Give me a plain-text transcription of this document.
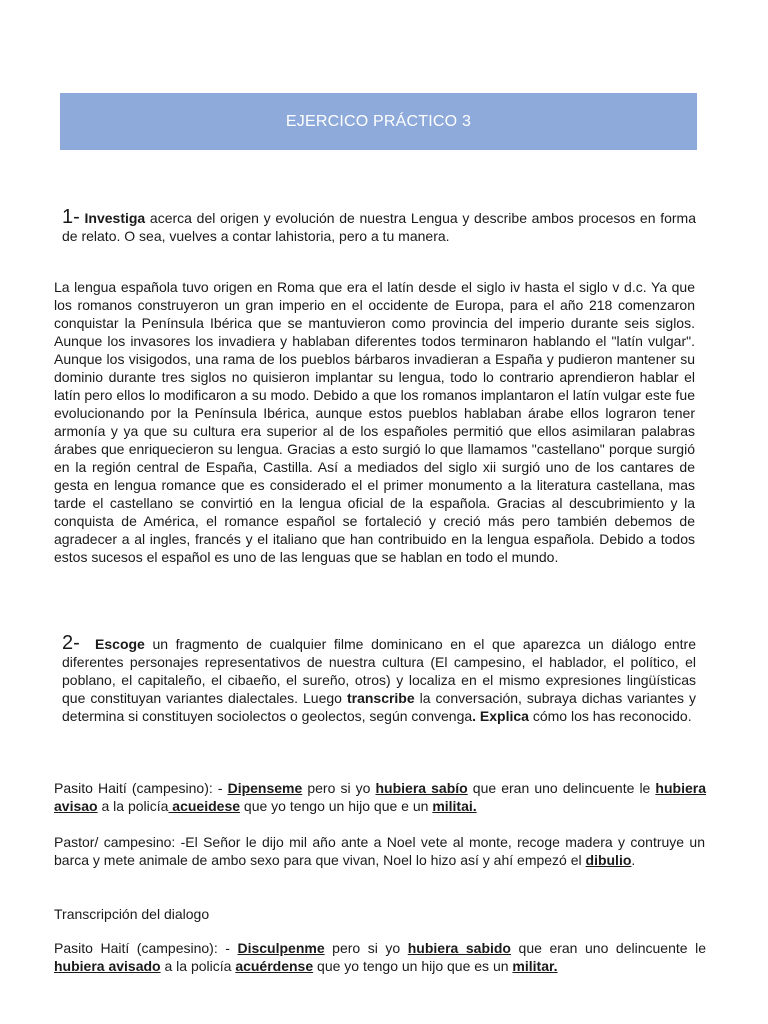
EJERCICO PRÁCTICO 3

1- Investiga acerca del origen y evolución de nuestra Lengua y describe ambos procesos en forma de relato. O sea, vuelves a contar lahistoria, pero a tu manera.

La lengua española tuvo origen en Roma que era el latín desde el siglo iv hasta el siglo v d.c. Ya que los romanos construyeron un gran imperio en el occidente de Europa, para el año 218 comenzaron conquistar la Península Ibérica que se mantuvieron como provincia del imperio durante seis siglos. Aunque los invasores los invadiera y hablaban diferentes todos terminaron hablando el "latín vulgar". Aunque los visigodos, una rama de los pueblos bárbaros invadieran a España y pudieron mantener su dominio durante tres siglos no quisieron implantar su lengua, todo lo contrario aprendieron hablar el latín pero ellos lo modificaron a su modo. Debido a que los romanos implantaron el latín vulgar este fue evolucionando por la Península Ibérica, aunque estos pueblos hablaban árabe ellos lograron tener armonía y ya que su cultura era superior al de los españoles permitió que ellos asimilaran palabras árabes que enriquecieron su lengua. Gracias a esto surgió lo que llamamos "castellano" porque surgió en la región central de España, Castilla. Así a mediados del siglo xii surgió uno de los cantares de gesta en lengua romance que es considerado el el primer monumento a la literatura castellana, mas tarde el castellano se convirtió en la lengua oficial de la española. Gracias al descubrimiento y la conquista de América, el romance español se fortaleció y creció más pero también debemos de agradecer a al ingles, francés y el italiano que han contribuido en la lengua española. Debido a todos estos sucesos el español es uno de las lenguas que se hablan en todo el mundo.

2- Escoge un fragmento de cualquier filme dominicano en el que aparezca un diálogo entre diferentes personajes representativos de nuestra cultura (El campesino, el hablador, el político, el poblano, el capitaleño, el cibaeño, el sureño, otros) y localiza en el mismo expresiones lingüísticas que constituyan variantes dialectales. Luego transcribe la conversación, subraya dichas variantes y determina si constituyen sociolectos o geolectos, según convenga. Explica cómo los has reconocido.

Pasito Haití (campesino): - Dipenseme pero si yo hubiera sabío que eran uno delincuente le hubiera avisao a la policía acueidese que yo tengo un hijo que e un militai.

Pastor/ campesino: -El Señor le dijo mil año ante a Noel vete al monte, recoge madera y contruye un barca y mete animale de ambo sexo para que vivan, Noel lo hizo así y ahí empezó el dibulio.

Transcripción del dialogo

Pasito Haití (campesino): - Disculpenme pero si yo hubiera sabido que eran uno delincuente le hubiera avisado a la policía acuérdense que yo tengo un hijo que es un militar.
